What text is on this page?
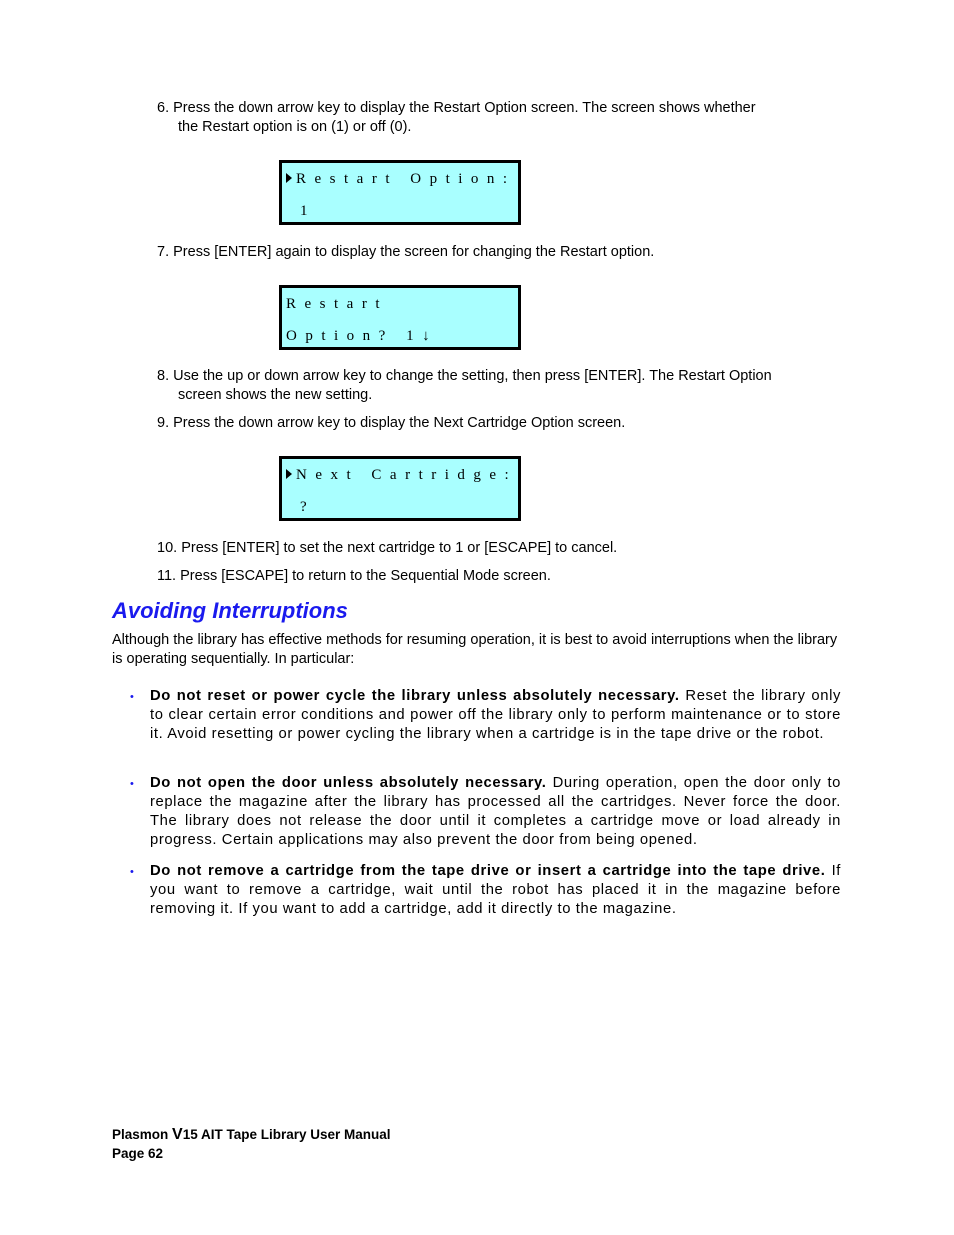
6. Press the down arrow key to display the Restart Option screen. The screen shows whether
the Restart option is on (1) or off (0).
Restart Option:
1
7. Press [ENTER] again to display the screen for changing the Restart option.
Restart
Option? 1↓
8. Use the up or down arrow key to change the setting, then press [ENTER]. The Restart Option
screen shows the new setting.
9. Press the down arrow key to display the Next Cartridge Option screen.
Next Cartridge:
?
10. Press [ENTER] to set the next cartridge to 1 or [ESCAPE] to cancel.
11. Press [ESCAPE] to return to the Sequential Mode screen.
Avoiding Interruptions
Although the library has effective methods for resuming operation, it is best to avoid interruptions when the library is operating sequentially. In particular:
• Do not reset or power cycle the library unless absolutely necessary. Reset the library only to clear certain error conditions and power off the library only to perform maintenance or to store it. Avoid resetting or power cycling the library when a cartridge is in the tape drive or the robot.
• Do not open the door unless absolutely necessary. During operation, open the door only to replace the magazine after the library has processed all the cartridges. Never force the door. The library does not release the door until it completes a cartridge move or load already in progress. Certain applications may also prevent the door from being opened.
• Do not remove a cartridge from the tape drive or insert a cartridge into the tape drive. If you want to remove a cartridge, wait until the robot has placed it in the magazine before removing it. If you want to add a cartridge, add it directly to the magazine.
Plasmon V15 AIT Tape Library User Manual
Page 62
